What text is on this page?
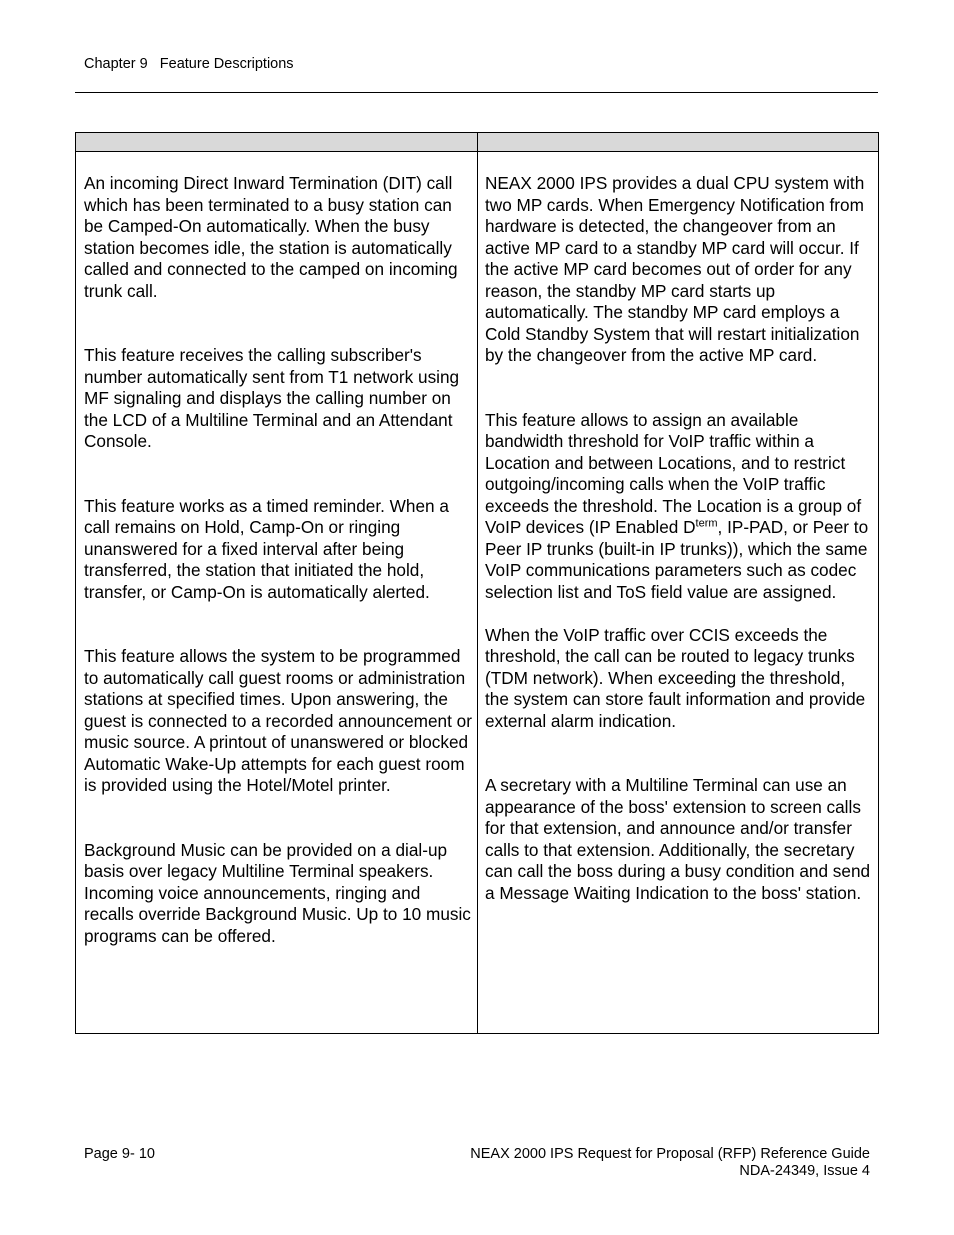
Chapter 9 Feature Descriptions

An incoming Direct Inward Termination (DIT) call which has been terminated to a busy station can be Camped-On automatically. When the busy station becomes idle, the station is automatically called and connected to the camped on incoming trunk call.

This feature receives the calling subscriber's number automatically sent from T1 network using MF signaling and displays the calling number on the LCD of a Multiline Terminal and an Attendant Console.

This feature works as a timed reminder. When a call remains on Hold, Camp-On or ringing unanswered for a fixed interval after being transferred, the station that initiated the hold, transfer, or Camp-On is automatically alerted.

This feature allows the system to be programmed to automatically call guest rooms or administration stations at specified times. Upon answering, the guest is connected to a recorded announcement or music source. A printout of unanswered or blocked Automatic Wake-Up attempts for each guest room is provided using the Hotel/Motel printer.

Background Music can be provided on a dial-up basis over legacy Multiline Terminal speakers. Incoming voice announcements, ringing and recalls override Background Music. Up to 10 music programs can be offered.

NEAX 2000 IPS provides a dual CPU system with two MP cards. When Emergency Notification from hardware is detected, the changeover from an active MP card to a standby MP card will occur. If the active MP card becomes out of order for any reason, the standby MP card starts up automatically. The standby MP card employs a Cold Standby System that will restart initialization by the changeover from the active MP card.

This feature allows to assign an available bandwidth threshold for VoIP traffic within a Location and between Locations, and to restrict outgoing/incoming calls when the VoIP traffic exceeds the threshold. The Location is a group of VoIP devices (IP Enabled $D^{term}$, IP-PAD, or Peer to Peer IP trunks (built-in IP trunks)), which the same VoIP communications parameters such as codec selection list and ToS field value are assigned.

When the VoIP traffic over CCIS exceeds the threshold, the call can be routed to legacy trunks (TDM network). When exceeding the threshold, the system can store fault information and provide external alarm indication.

A secretary with a Multiline Terminal can use an appearance of the boss' extension to screen calls for that extension, and announce and/or transfer calls to that extension. Additionally, the secretary can call the boss during a busy condition and send a Message Waiting Indication to the boss' station.

Page 9- 10	NEAX 2000 IPS Request for Proposal (RFP) Reference Guide
NDA-24349, Issue 4
